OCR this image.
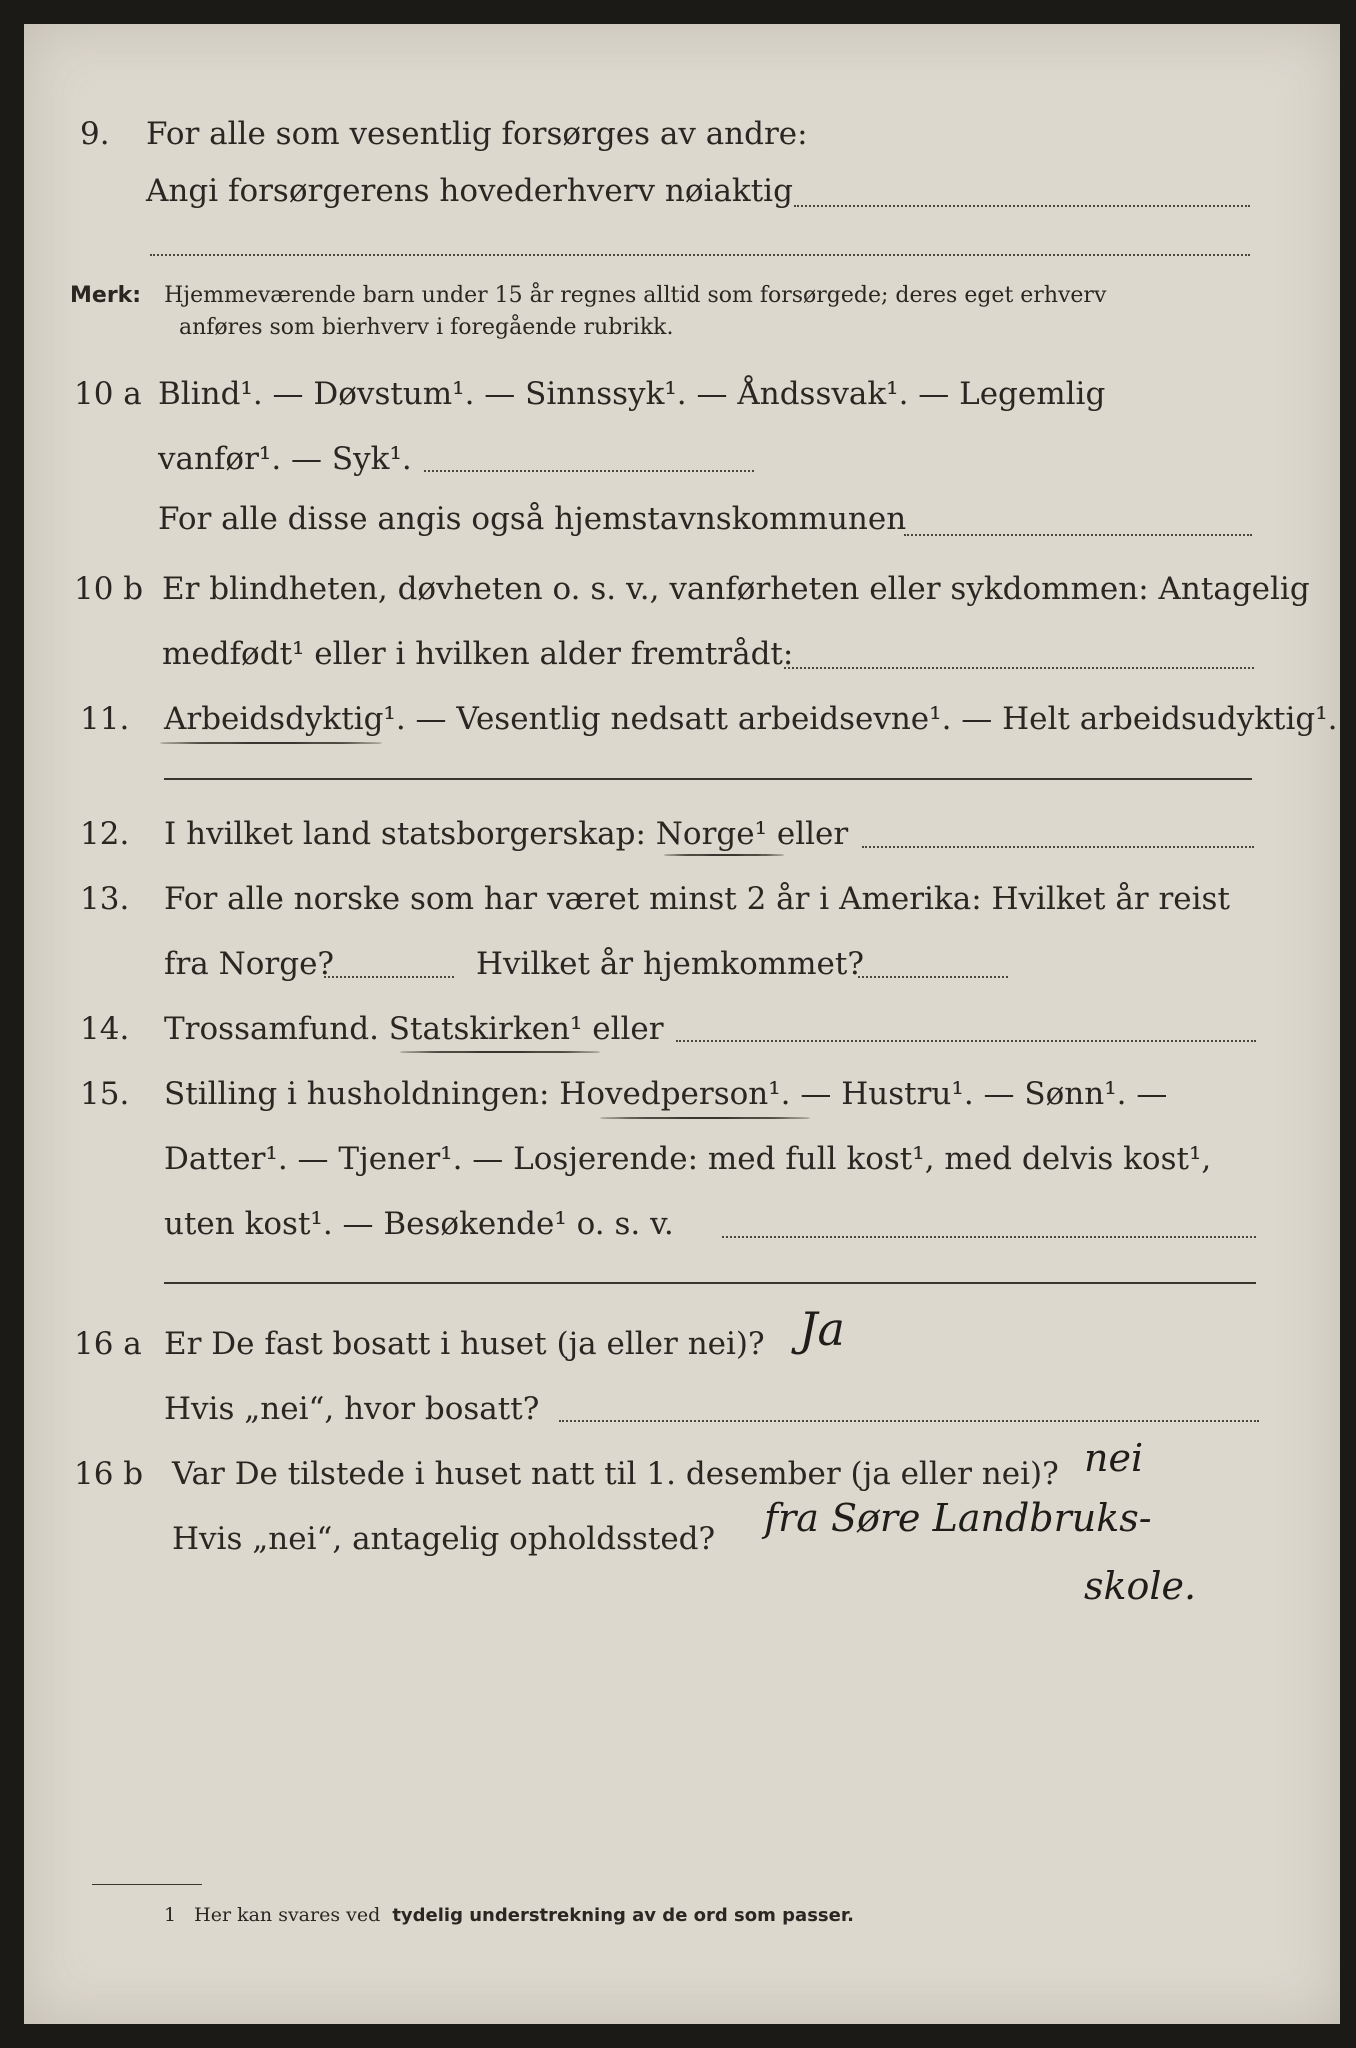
9. For alle som vesentlig forsørges av andre:
Angi forsørgerens hovederhverv nøiaktig
Merk: Hjemmeværende barn under 15 år regnes alltid som forsørgede; deres eget erhverv
anføres som bierhverv i foregående rubrikk.
10 a Blind¹. — Døvstum¹. — Sinnssyk¹. — Åndssvak¹. — Legemlig
vanfør¹. — Syk¹.
For alle disse angis også hjemstavnskommunen
10 b Er blindheten, døvheten o. s. v., vanførheten eller sykdommen: Antagelig
medfødt¹ eller i hvilken alder fremtrådt:
11. Arbeidsdyktig¹. — Vesentlig nedsatt arbeidsevne¹. — Helt arbeidsudyktig¹.
12. I hvilket land statsborgerskap: Norge¹ eller
13. For alle norske som har været minst 2 år i Amerika: Hvilket år reist
fra Norge?	Hvilket år hjemkommet?
14. Trossamfund. Statskirken¹ eller
15. Stilling i husholdningen: Hovedperson¹. — Hustru¹. — Sønn¹. —
Datter¹. — Tjener¹. — Losjerende: med full kost¹, med delvis kost¹,
uten kost¹. — Besøkende¹ o. s. v.
16 a Er De fast bosatt i huset (ja eller nei)? Ja
Hvis „nei“, hvor bosatt?
16 b Var De tilstede i huset natt til 1. desember (ja eller nei)? nei
Hvis „nei“, antagelig opholdssted? fra Søre Landbruks-
skole.
1 Her kan svares ved tydelig understrekning av de ord som passer.
